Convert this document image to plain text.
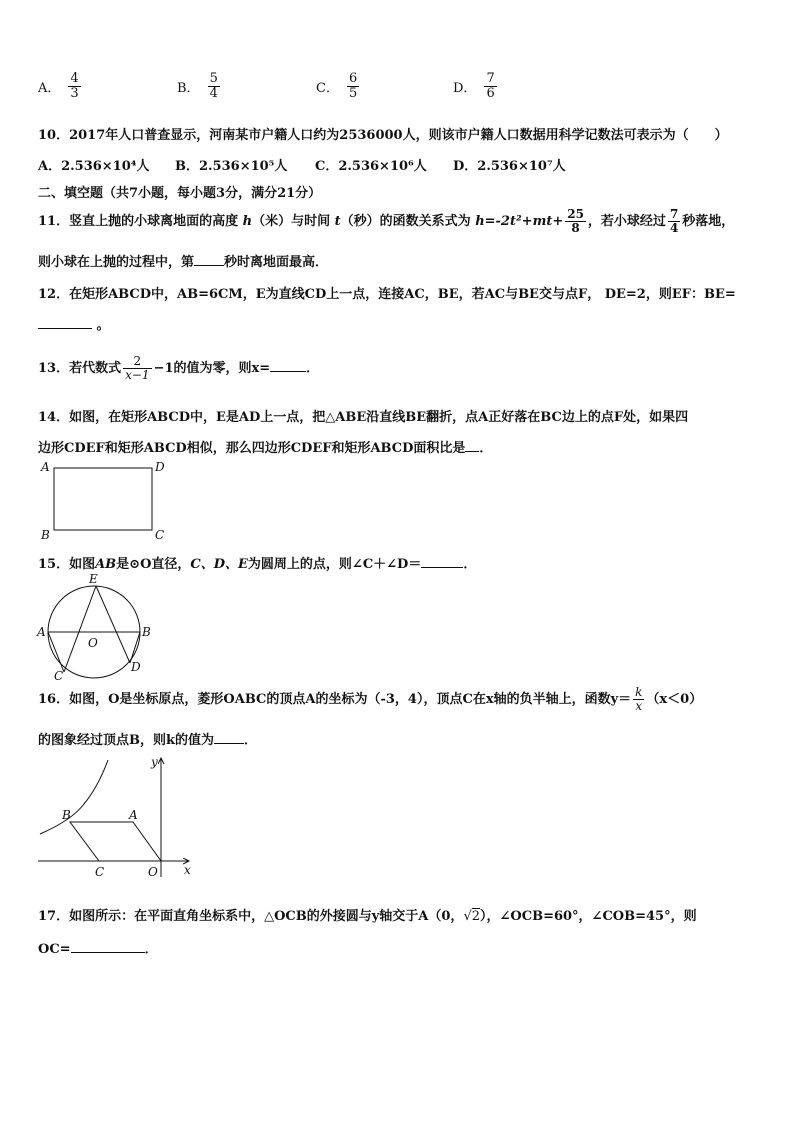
A． $\frac{4}{3}$	B． $\frac{5}{4}$	C． $\frac{6}{5}$	D． $\frac{7}{6}$
10．2017年人口普查显示，河南某市户籍人口约为2536000人，则该市户籍人口数据用科学记数法可表示为（　　）
A．2.536×10⁴人 B．2.536×10⁵人 C．2.536×10⁶人 D．2.536×10⁷人
二、填空题（共7小题，每小题3分，满分21分）
11．竖直上抛的小球离地面的高度 h（米）与时间 t（秒）的函数关系式为 $h=-2t^2+mt+ \frac{25}{8}$ ，若小球经过 $\frac{7}{4}$ 秒落地，
则小球在上抛的过程中，第 秒时离地面最高．
12．在矩形ABCD中，AB=6CM，E为直线CD上一点，连接AC，BE，若AC与BE交与点F， DE=2，则EF：BE=
。
13．若代数式 $\frac{2}{x-1} -1$的值为零，则x=	．
14．如图，在矩形ABCD中，E是AD上一点，把△ABE沿直线BE翻折，点A正好落在BC边上的点F处，如果四
边形CDEF和矩形ABCD相似，那么四边形CDEF和矩形ABCD面积比是 ．
A	D
B	C
15．如图AB是⊙O直径，C、D、E为圆周上的点，则∠C＋∠D＝	．
E
A
O
B
C
D
16．如图，O是坐标原点，菱形OABC的顶点A的坐标为（-3，4），顶点C在x轴的负半轴上，函数$y= \frac{k}{x} (x<0)$
的图象经过顶点B，则k的值为 ．
B	A
C	O
y
x
17．如图所示：在平面直角坐标系中，△OCB的外接圆与y轴交于A（0，√2），∠OCB=60°，∠COB=45°，则
OC=	．
